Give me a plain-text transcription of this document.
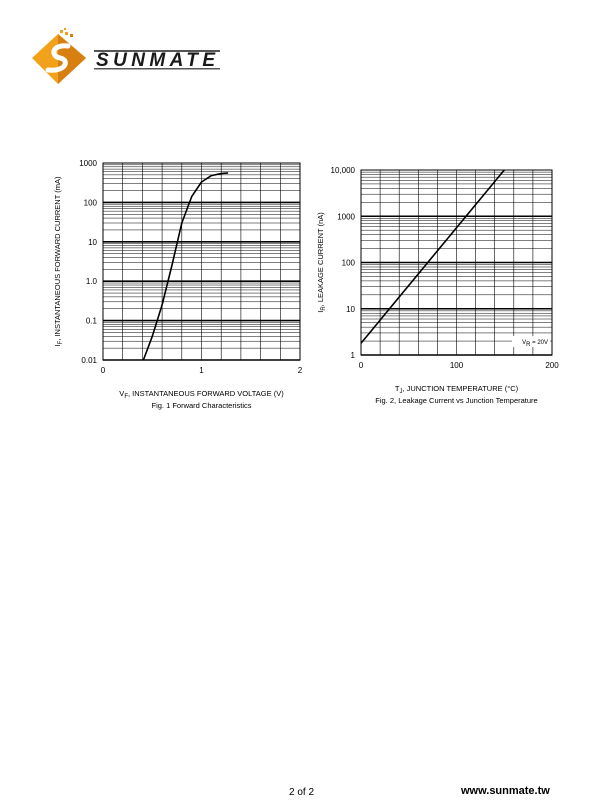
SUNMATE
1000
100
10
1.0
0.1
0.01
0	1	2
$V_F$, INSTANTANEOUS FORWARD VOLTAGE (V)
$I_F$, INSTANTANEOUS FORWARD CURRENT (mA)
Fig. 1 Forward Characteristics
10,000
1000
100
10
1
0	100	200
$T_J$, JUNCTION TEMPERATURE (°C)
$I_R$, LEAKAGE CURRENT (nA)
Fig. 2, Leakage Current vs Junction Temperature
VR = 20V
2 of 2	www.sunmate.tw
